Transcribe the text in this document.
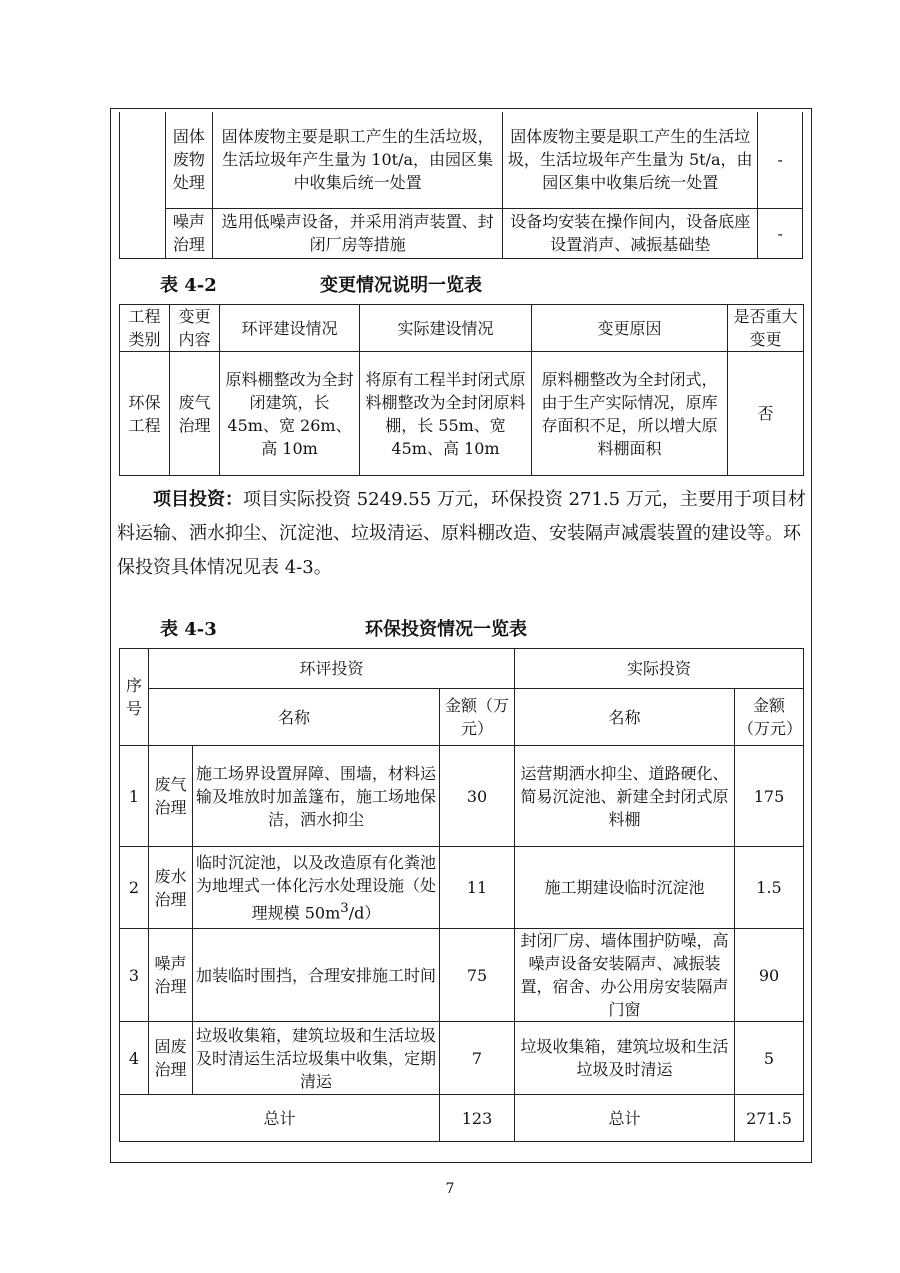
	固体废物处理	固体废物主要是职工产生的生活垃圾，生活垃圾年产生量为 10t/a，由园区集中收集后统一处置	固体废物主要是职工产生的生活垃圾，生活垃圾年产生量为 5t/a，由园区集中收集后统一处置	-
	噪声治理	选用低噪声设备，并采用消声装置、封闭厂房等措施	设备均安装在操作间内，设备底座设置消声、减振基础垫	-
表 4-2	变更情况说明一览表
工程类别	变更内容	环评建设情况	实际建设情况	变更原因	是否重大变更
环保工程	废气治理	原料棚整改为全封闭建筑，长 45m、宽 26m、高 10m	将原有工程半封闭式原料棚整改为全封闭原料棚，长 55m、宽 45m、高 10m	原料棚整改为全封闭式，由于生产实际情况，原库存面积不足，所以增大原料棚面积	否
项目投资：项目实际投资 5249.55 万元，环保投资 271.5 万元，主要用于项目材料运输、洒水抑尘、沉淀池、垃圾清运、原料棚改造、安装隔声减震装置的建设等。环保投资具体情况见表 4-3。
表 4-3	环保投资情况一览表
序号	环评投资			实际投资	
	名称		金额（万元）	名称	金额（万元）
1	废气治理	施工场界设置屏障、围墙，材料运输及堆放时加盖篷布，施工场地保洁，洒水抑尘	30	运营期洒水抑尘、道路硬化、简易沉淀池、新建全封闭式原料棚	175
2	废水治理	临时沉淀池，以及改造原有化粪池为地埋式一体化污水处理设施（处理规模 $50m^3/d$）	11	施工期建设临时沉淀池	1.5
3	噪声治理	加装临时围挡，合理安排施工时间	75	封闭厂房、墙体围护防噪，高噪声设备安装隔声、减振装置，宿舍、办公用房安装隔声门窗	90
4	固废治理	垃圾收集箱，建筑垃圾和生活垃圾及时清运生活垃圾集中收集，定期清运	7	垃圾收集箱，建筑垃圾和生活垃圾及时清运	5
总计			123	总计	271.5
7
